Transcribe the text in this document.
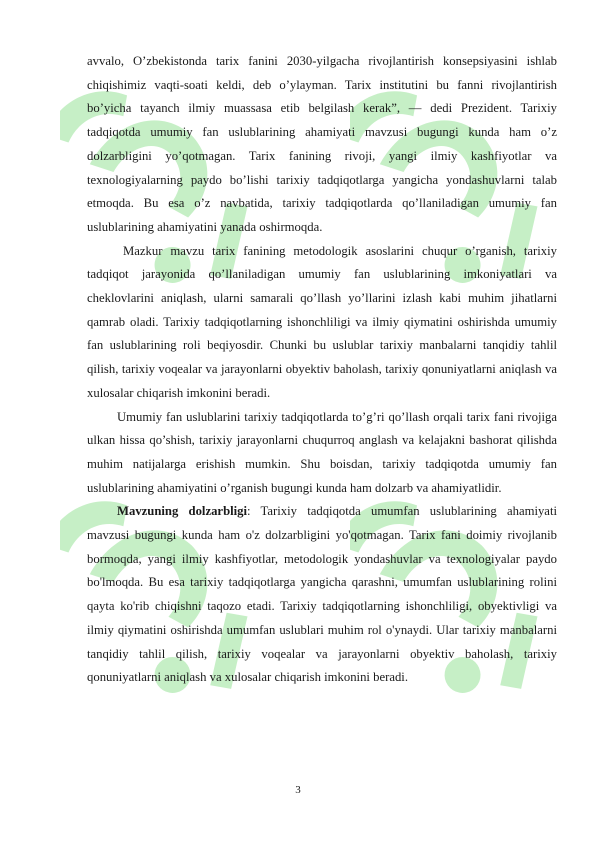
avvalo, O’zbekistonda tarix fanini 2030-yilgacha rivojlantirish konsepsiyasini ishlab chiqishimiz vaqti-soati keldi, deb o’ylayman. Tarix institutini bu fanni rivojlantirish bo’yicha tayanch ilmiy muassasa etib belgilash kerak”, — dedi Prezident. Tarixiy tadqiqotda umumiy fan uslublarining ahamiyati mavzusi bugungi kunda ham o’z dolzarbligini yo’qotmagan. Tarix fanining rivoji, yangi ilmiy kashfiyotlar va texnologiyalarning paydo bo’lishi tarixiy tadqiqotlarga yangicha yondashuvlarni talab etmoqda. Bu esa o’z navbatida, tarixiy tadqiqotlarda qo’llaniladigan umumiy fan uslublarining ahamiyatini yanada oshirmoqda.

Mazkur mavzu tarix fanining metodologik asoslarini chuqur o’rganish, tarixiy tadqiqot jarayonida qo’llaniladigan umumiy fan uslublarining imkoniyatlari va cheklovlarini aniqlash, ularni samarali qo’llash yo’llarini izlash kabi muhim jihatlarni qamrab oladi. Tarixiy tadqiqotlarning ishonchliligi va ilmiy qiymatini oshirishda umumiy fan uslublarining roli beqiyosdir. Chunki bu uslublar tarixiy manbalarni tanqidiy tahlil qilish, tarixiy voqealar va jarayonlarni obyektiv baholash, tarixiy qonuniyatlarni aniqlash va xulosalar chiqarish imkonini beradi.

Umumiy fan uslublarini tarixiy tadqiqotlarda to’g’ri qo’llash orqali tarix fani rivojiga ulkan hissa qo’shish, tarixiy jarayonlarni chuqurroq anglash va kelajakni bashorat qilishda muhim natijalarga erishish mumkin. Shu boisdan, tarixiy tadqiqotda umumiy fan uslublarining ahamiyatini o’rganish bugungi kunda ham dolzarb va ahamiyatlidir.

Mavzuning dolzarbligi: Tarixiy tadqiqotda umumfan uslublarining ahamiyati mavzusi bugungi kunda ham o'z dolzarbligini yo'qotmagan. Tarix fani doimiy rivojlanib bormoqda, yangi ilmiy kashfiyotlar, metodologik yondashuvlar va texnologiyalar paydo bo'lmoqda. Bu esa tarixiy tadqiqotlarga yangicha qarashni, umumfan uslublarining rolini qayta ko'rib chiqishni taqozo etadi. Tarixiy tadqiqotlarning ishonchliligi, obyektivligi va ilmiy qiymatini oshirishda umumfan uslublari muhim rol o'ynaydi. Ular tarixiy manbalarni tanqidiy tahlil qilish, tarixiy voqealar va jarayonlarni obyektiv baholash, tarixiy qonuniyatlarni aniqlash va xulosalar chiqarish imkonini beradi.

3
